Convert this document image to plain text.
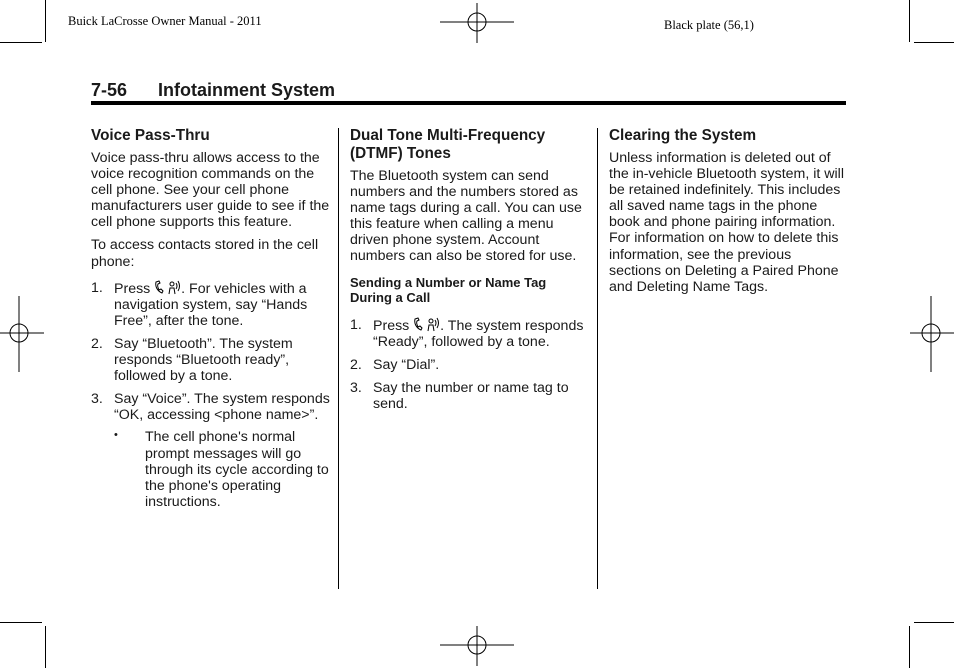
Buick LaCrosse Owner Manual - 2011	Black plate (56,1)
7-56 Infotainment System
Voice Pass-Thru

Voice pass-thru allows access to the voice recognition commands on the cell phone. See your cell phone manufacturers user guide to see if the cell phone supports this feature.

To access contacts stored in the cell phone:

1. Press . For vehicles with a navigation system, say “Hands Free”, after the tone.
2. Say “Bluetooth”. The system responds “Bluetooth ready”, followed by a tone.
3. Say “Voice”. The system responds “OK, accessing <phone name>”.
• The cell phone's normal prompt messages will go through its cycle according to the phone's operating instructions.
Dual Tone Multi-Frequency (DTMF) Tones

The Bluetooth system can send numbers and the numbers stored as name tags during a call. You can use this feature when calling a menu driven phone system. Account numbers can also be stored for use.

Sending a Number or Name Tag During a Call
1. Press . The system responds “Ready”, followed by a tone.
2. Say “Dial”.
3. Say the number or name tag to send.
Clearing the System

Unless information is deleted out of the in-vehicle Bluetooth system, it will be retained indefinitely. This includes all saved name tags in the phone book and phone pairing information. For information on how to delete this information, see the previous sections on Deleting a Paired Phone and Deleting Name Tags.
